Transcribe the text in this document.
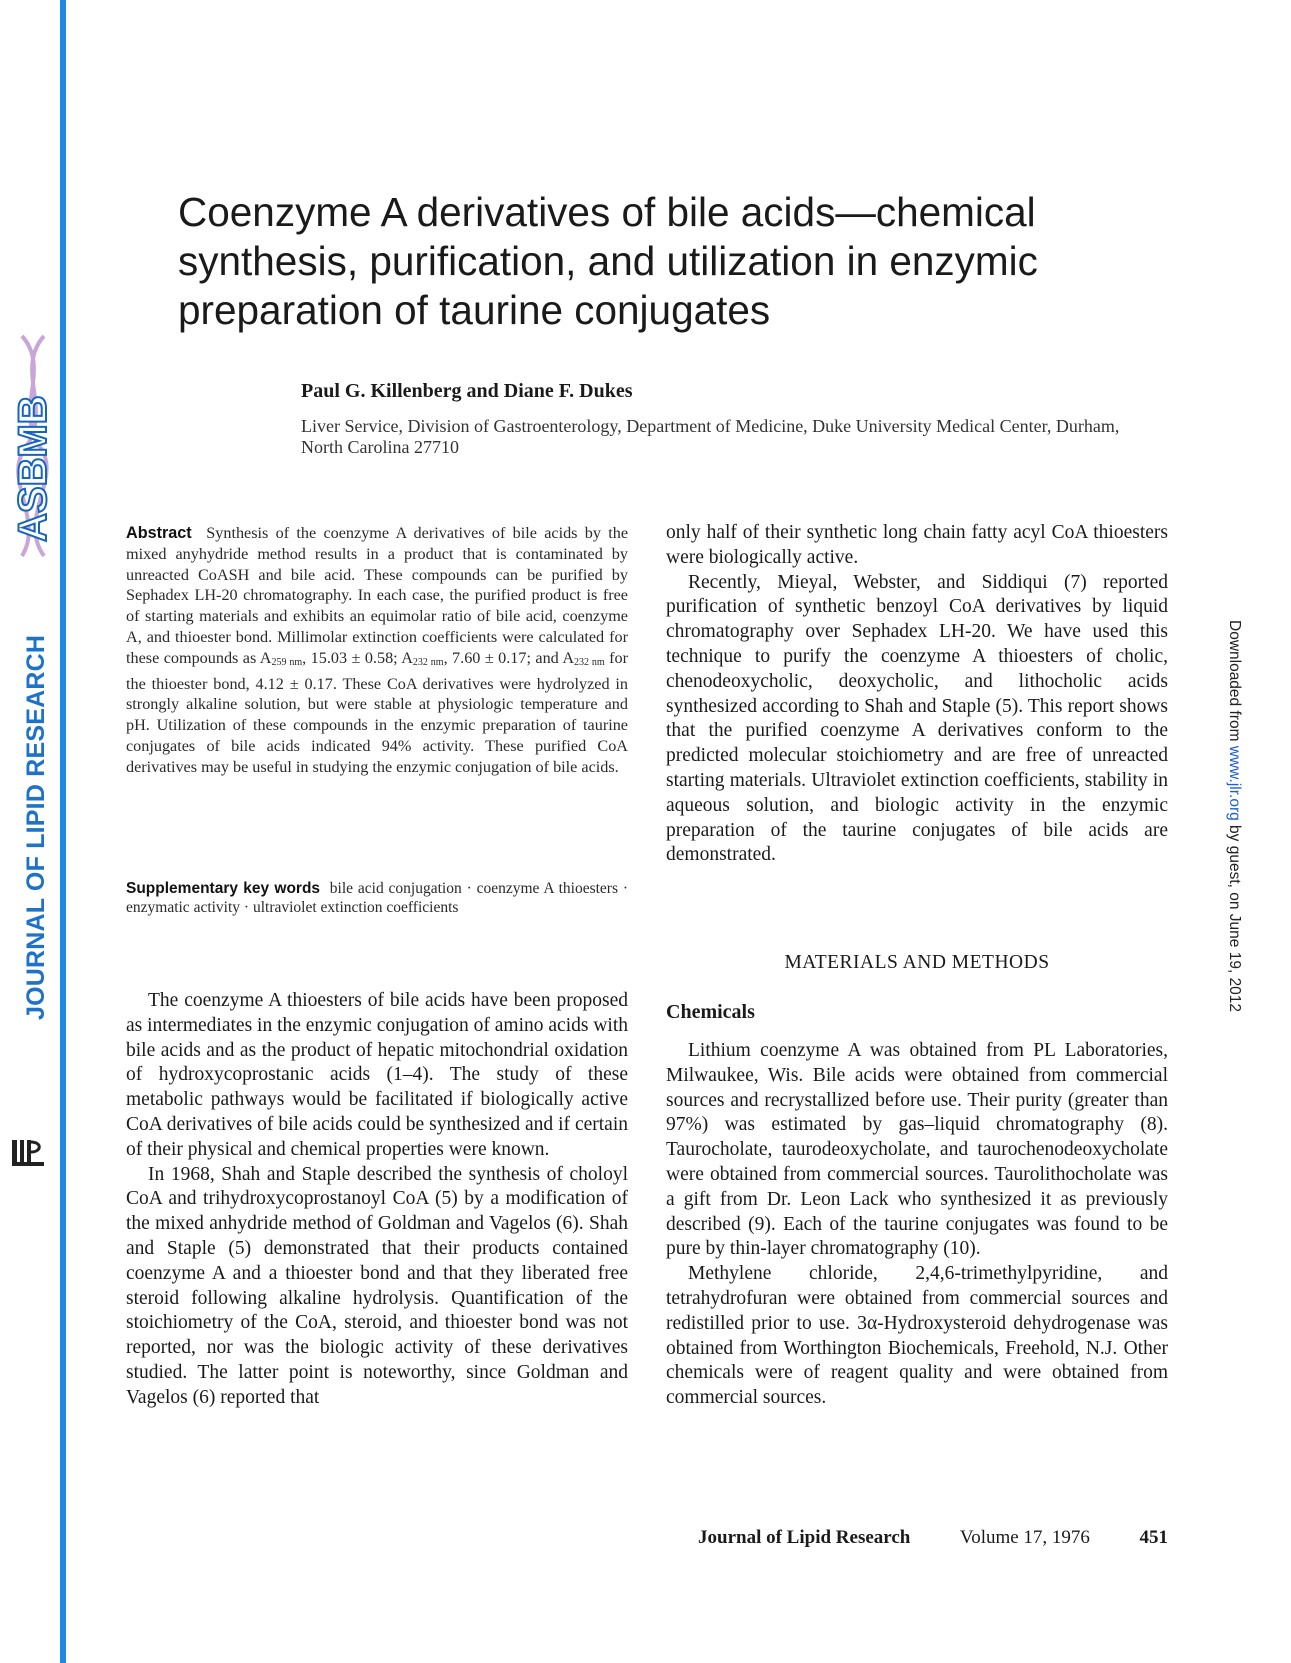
ASBMB
JOURNAL OF LIPID RESEARCH	Downloaded from www.jlr.org by guest, on June 19, 2012
Coenzyme A derivatives of bile acids—chemical
synthesis, purification, and utilization in enzymic
preparation of taurine conjugates
Paul G. Killenberg and Diane F. Dukes
Liver Service, Division of Gastroenterology, Department of Medicine, Duke University Medical Center, Durham, North Carolina 27710
Abstract Synthesis of the coenzyme A derivatives of bile acids by the mixed anyhydride method results in a product that is contaminated by unreacted CoASH and bile acid. These compounds can be purified by Sephadex LH-20 chromatography. In each case, the purified product is free of starting materials and exhibits an equimolar ratio of bile acid, coenzyme A, and thioester bond. Millimolar extinction coefficients were calculated for these compounds as $A_{259 nm}$, 15.03 ± 0.58; $A_{232 nm}$, 7.60 ± 0.17; and $A_{232 nm}$ for the thioester bond, 4.12 ± 0.17. These CoA derivatives were hydrolyzed in strongly alkaline solution, but were stable at physiologic temperature and pH. Utilization of these compounds in the enzymic preparation of taurine conjugates of bile acids indicated 94% activity. These purified CoA derivatives may be useful in studying the enzymic conjugation of bile acids.
Supplementary key words bile acid conjugation · coenzyme A thioesters · enzymatic activity · ultraviolet extinction coefficients

The coenzyme A thioesters of bile acids have been proposed as intermediates in the enzymic conjugation of amino acids with bile acids and as the product of hepatic mitochondrial oxidation of hydroxycoprostanic acids (1–4). The study of these metabolic pathways would be facilitated if biologically active CoA derivatives of bile acids could be synthesized and if certain of their physical and chemical properties were known.

In 1968, Shah and Staple described the synthesis of choloyl CoA and trihydroxycoprostanoyl CoA (5) by a modification of the mixed anhydride method of Goldman and Vagelos (6). Shah and Staple (5) demonstrated that their products contained coenzyme A and a thioester bond and that they liberated free steroid following alkaline hydrolysis. Quantification of the stoichiometry of the CoA, steroid, and thioester bond was not reported, nor was the biologic activity of these derivatives studied. The latter point is noteworthy, since Goldman and Vagelos (6) reported that

only half of their synthetic long chain fatty acyl CoA thioesters were biologically active.

Recently, Mieyal, Webster, and Siddiqui (7) reported purification of synthetic benzoyl CoA derivatives by liquid chromatography over Sephadex LH-20. We have used this technique to purify the coenzyme A thioesters of cholic, chenodeoxycholic, deoxycholic, and lithocholic acids synthesized according to Shah and Staple (5). This report shows that the purified coenzyme A derivatives conform to the predicted molecular stoichiometry and are free of unreacted starting materials. Ultraviolet extinction coefficients, stability in aqueous solution, and biologic activity in the enzymic preparation of the taurine conjugates of bile acids are demonstrated.

MATERIALS AND METHODS
Chemicals

Lithium coenzyme A was obtained from PL Laboratories, Milwaukee, Wis. Bile acids were obtained from commercial sources and recrystallized before use. Their purity (greater than 97%) was estimated by gas–liquid chromatography (8). Taurocholate, taurodeoxycholate, and taurochenodeoxycholate were obtained from commercial sources. Taurolithocholate was a gift from Dr. Leon Lack who synthesized it as previously described (9). Each of the taurine conjugates was found to be pure by thin-layer chromatography (10).

Methylene chloride, 2,4,6-trimethylpyridine, and tetrahydrofuran were obtained from commercial sources and redistilled prior to use. 3α-Hydroxysteroid dehydrogenase was obtained from Worthington Biochemicals, Freehold, N.J. Other chemicals were of reagent quality and were obtained from commercial sources.

Journal of Lipid Research	Volume 17, 1976	451
